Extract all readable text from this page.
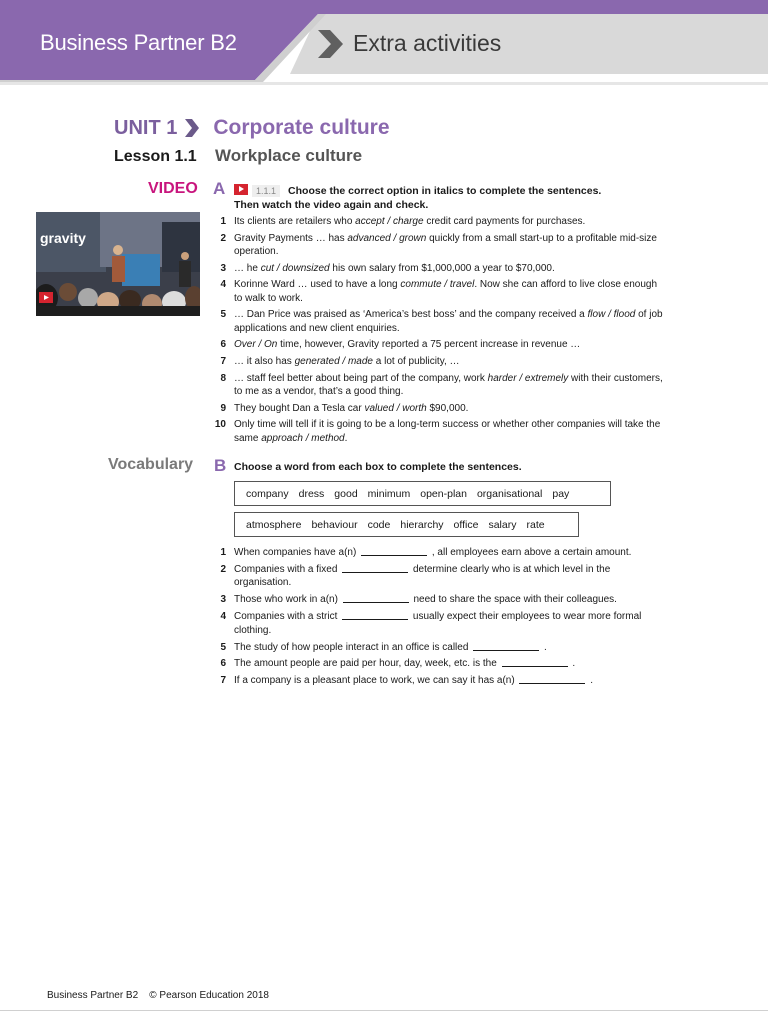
Business Partner B2	Extra activities
UNIT 1 Corporate culture
Lesson 1.1	Workplace culture
VIDEO A	1.1.1 Choose the correct option in italics to complete the sentences.
Then watch the video again and check.
gravity
1 Its clients are retailers who accept / charge credit card payments for purchases.
2 Gravity Payments … has advanced / grown quickly from a small start-up to a profitable mid-size operation.
3 … he cut / downsized his own salary from $1,000,000 a year to $70,000.
4 Korinne Ward … used to have a long commute / travel. Now she can afford to live close enough to walk to work.
5 … Dan Price was praised as ‘America’s best boss’ and the company received a flow / flood of job applications and new client enquiries.
6 Over / On time, however, Gravity reported a 75 percent increase in revenue …
7 … it also has generated / made a lot of publicity, …
8 … staff feel better about being part of the company, work harder / extremely with their customers, to me as a vendor, that’s a good thing.
9 They bought Dan a Tesla car valued / worth $90,000.
10 Only time will tell if it is going to be a long-term success or whether other companies will take the same approach / method.
Vocabulary B Choose a word from each box to complete the sentences.
company dress good minimum open-plan organisational pay
atmosphere behaviour code hierarchy office salary rate
1 When companies have a(n)	, all employees earn above a certain amount.
2 Companies with a fixed	determine clearly who is at which level in the organisation.
3 Those who work in a(n)	need to share the space with their colleagues.
4 Companies with a strict	usually expect their employees to wear more formal clothing.
5 The study of how people interact in an office is called	.
6 The amount people are paid per hour, day, week, etc. is the	.
7 If a company is a pleasant place to work, we can say it has a(n)	.
Business Partner B2    © Pearson Education 2018
